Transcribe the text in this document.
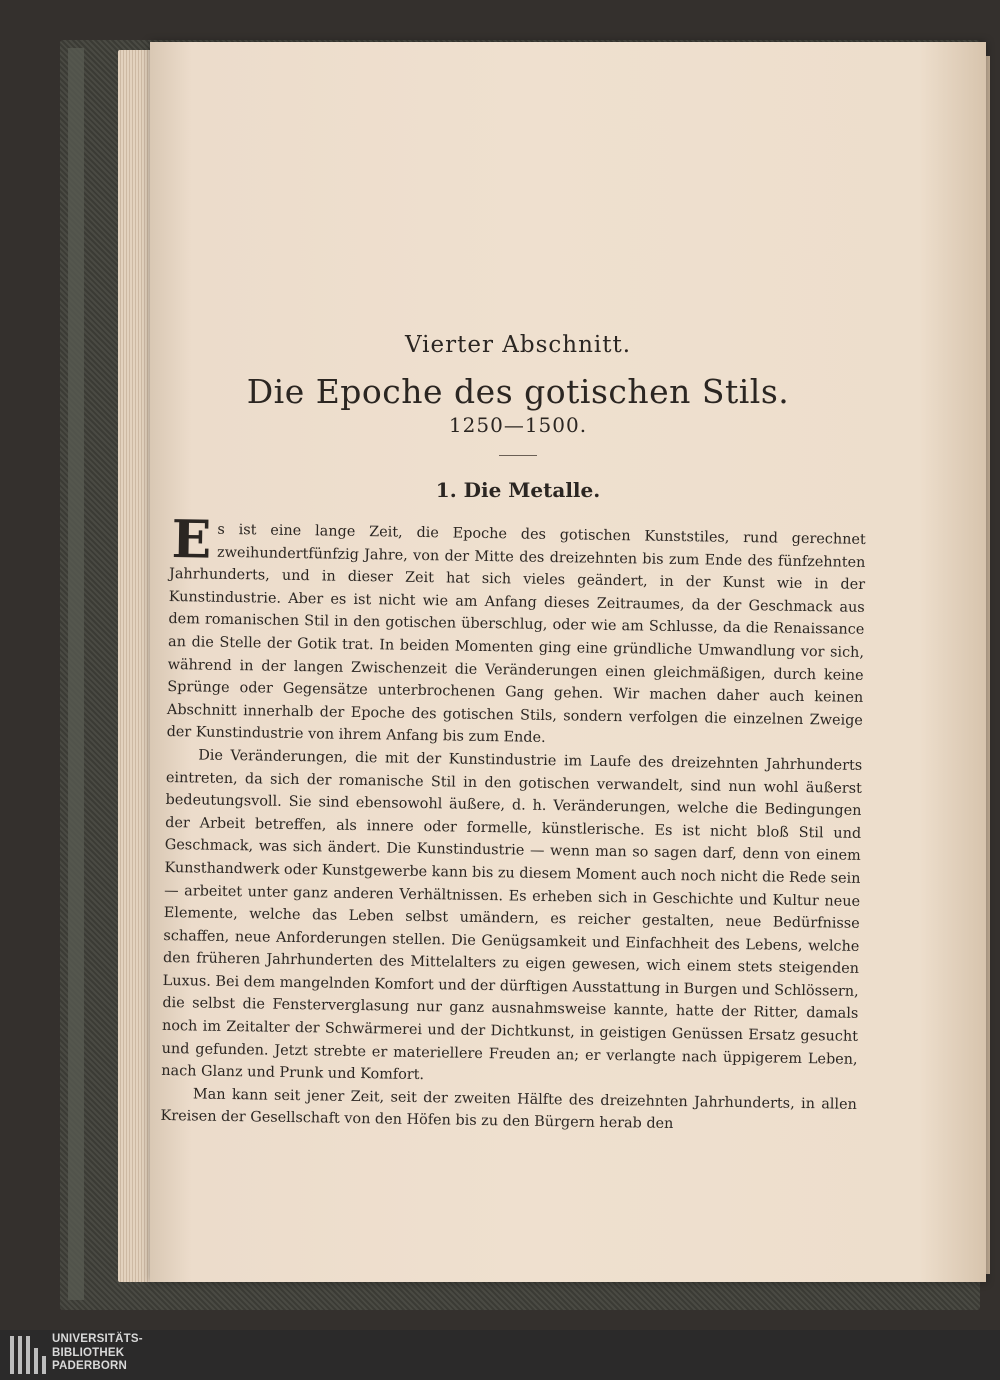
Vierter Abschnitt.
Die Epoche des gotischen Stils.
1250—1500.
1. Die Metalle.

Es ist eine lange Zeit, die Epoche des gotischen Kunststiles, rund gerechnet zweihundertfünfzig Jahre, von der Mitte des dreizehnten bis zum Ende des fünfzehnten Jahrhunderts, und in dieser Zeit hat sich vieles geändert, in der Kunst wie in der Kunstindustrie. Aber es ist nicht wie am Anfang dieses Zeitraumes, da der Geschmack aus dem romanischen Stil in den gotischen überschlug, oder wie am Schlusse, da die Renaissance an die Stelle der Gotik trat. In beiden Momenten ging eine gründliche Umwandlung vor sich, während in der langen Zwischenzeit die Veränderungen einen gleichmäßigen, durch keine Sprünge oder Gegensätze unterbrochenen Gang gehen. Wir machen daher auch keinen Abschnitt innerhalb der Epoche des gotischen Stils, sondern verfolgen die einzelnen Zweige der Kunstindustrie von ihrem Anfang bis zum Ende.

Die Veränderungen, die mit der Kunstindustrie im Laufe des dreizehnten Jahrhunderts eintreten, da sich der romanische Stil in den gotischen verwandelt, sind nun wohl äußerst bedeutungsvoll. Sie sind ebensowohl äußere, d. h. Veränderungen, welche die Bedingungen der Arbeit betreffen, als innere oder formelle, künstlerische. Es ist nicht bloß Stil und Geschmack, was sich ändert. Die Kunstindustrie — wenn man so sagen darf, denn von einem Kunsthandwerk oder Kunstgewerbe kann bis zu diesem Moment auch noch nicht die Rede sein — arbeitet unter ganz anderen Verhältnissen. Es erheben sich in Geschichte und Kultur neue Elemente, welche das Leben selbst umändern, es reicher gestalten, neue Bedürfnisse schaffen, neue Anforderungen stellen. Die Genügsamkeit und Einfachheit des Lebens, welche den früheren Jahrhunderten des Mittelalters zu eigen gewesen, wich einem stets steigenden Luxus. Bei dem mangelnden Komfort und der dürftigen Ausstattung in Burgen und Schlössern, die selbst die Fensterverglasung nur ganz ausnahmsweise kannte, hatte der Ritter, damals noch im Zeitalter der Schwärmerei und der Dichtkunst, in geistigen Genüssen Ersatz gesucht und gefunden. Jetzt strebte er materiellere Freuden an; er verlangte nach üppigerem Leben, nach Glanz und Prunk und Komfort.

Man kann seit jener Zeit, seit der zweiten Hälfte des dreizehnten Jahrhunderts, in allen Kreisen der Gesellschaft von den Höfen bis zu den Bürgern herab den

UNIVERSITÄTS-
BIBLIOTHEK
PADERBORN
